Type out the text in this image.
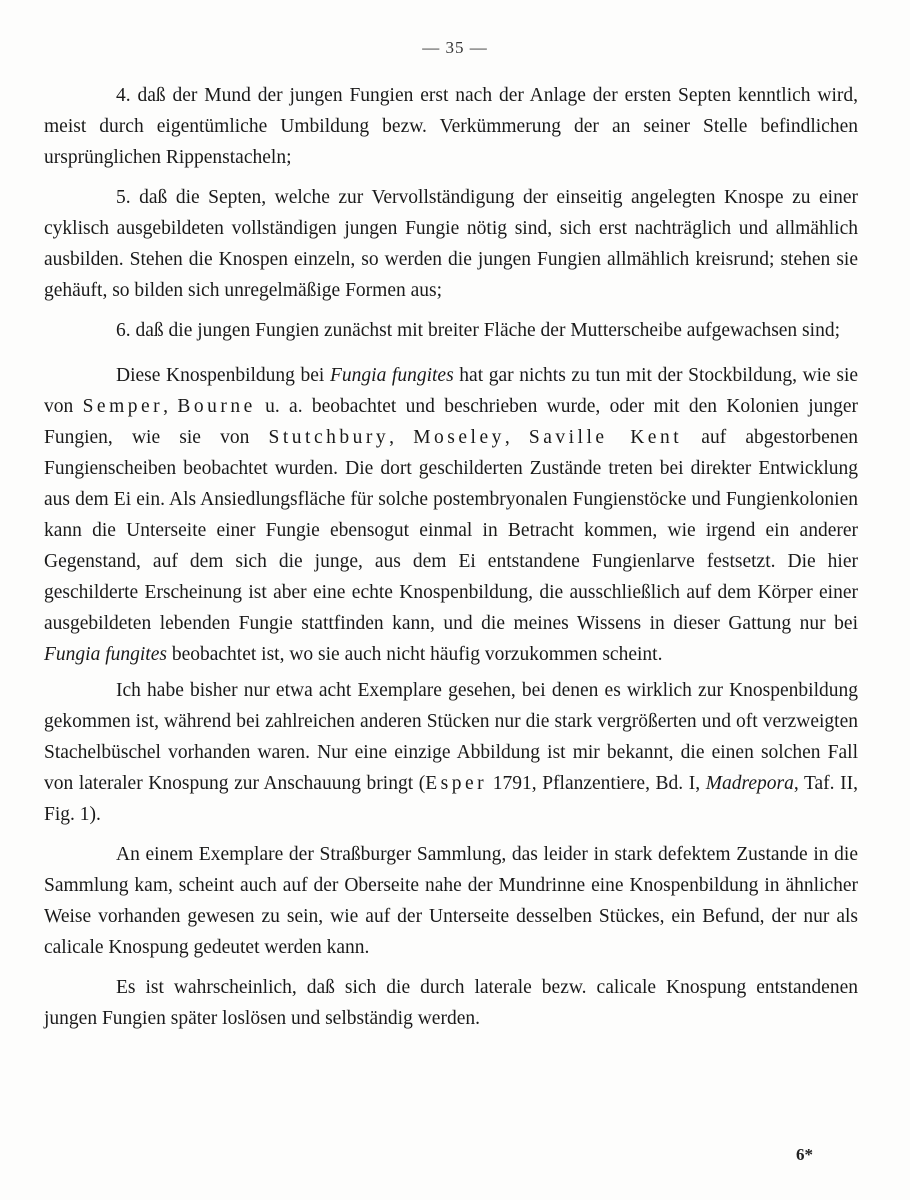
— 35 —

4. daß der Mund der jungen Fungien erst nach der Anlage der ersten Septen kenntlich wird, meist durch eigentümliche Umbildung bezw. Verkümmerung der an seiner Stelle befindlichen ursprünglichen Rippenstacheln;

5. daß die Septen, welche zur Vervollständigung der einseitig angelegten Knospe zu einer cyklisch ausgebildeten vollständigen jungen Fungie nötig sind, sich erst nachträglich und allmählich ausbilden. Stehen die Knospen einzeln, so werden die jungen Fungien allmählich kreisrund; stehen sie gehäuft, so bilden sich unregelmäßige Formen aus;

6. daß die jungen Fungien zunächst mit breiter Fläche der Mutterscheibe aufgewachsen sind;

Diese Knospenbildung bei Fungia fungites hat gar nichts zu tun mit der Stockbildung, wie sie von Semper, Bourne u. a. beobachtet und beschrieben wurde, oder mit den Kolonien junger Fungien, wie sie von Stutchbury, Moseley, Saville Kent auf abgestorbenen Fungienscheiben beobachtet wurden. Die dort geschilderten Zustände treten bei direkter Entwicklung aus dem Ei ein. Als Ansiedlungsfläche für solche postembryonalen Fungienstöcke und Fungienkolonien kann die Unterseite einer Fungie ebensogut einmal in Betracht kommen, wie irgend ein anderer Gegenstand, auf dem sich die junge, aus dem Ei entstandene Fungienlarve festsetzt. Die hier geschilderte Erscheinung ist aber eine echte Knospenbildung, die ausschließlich auf dem Körper einer ausgebildeten lebenden Fungie stattfinden kann, und die meines Wissens in dieser Gattung nur bei Fungia fungites beobachtet ist, wo sie auch nicht häufig vorzukommen scheint.

Ich habe bisher nur etwa acht Exemplare gesehen, bei denen es wirklich zur Knospenbildung gekommen ist, während bei zahlreichen anderen Stücken nur die stark vergrößerten und oft verzweigten Stachelbüschel vorhanden waren. Nur eine einzige Abbildung ist mir bekannt, die einen solchen Fall von lateraler Knospung zur Anschauung bringt (Esper 1791, Pflanzentiere, Bd. I, Madrepora, Taf. II, Fig. 1).

An einem Exemplare der Straßburger Sammlung, das leider in stark defektem Zustande in die Sammlung kam, scheint auch auf der Oberseite nahe der Mundrinne eine Knospenbildung in ähnlicher Weise vorhanden gewesen zu sein, wie auf der Unterseite desselben Stückes, ein Befund, der nur als calicale Knospung gedeutet werden kann.

Es ist wahrscheinlich, daß sich die durch laterale bezw. calicale Knospung entstandenen jungen Fungien später loslösen und selbständig werden.

6*
